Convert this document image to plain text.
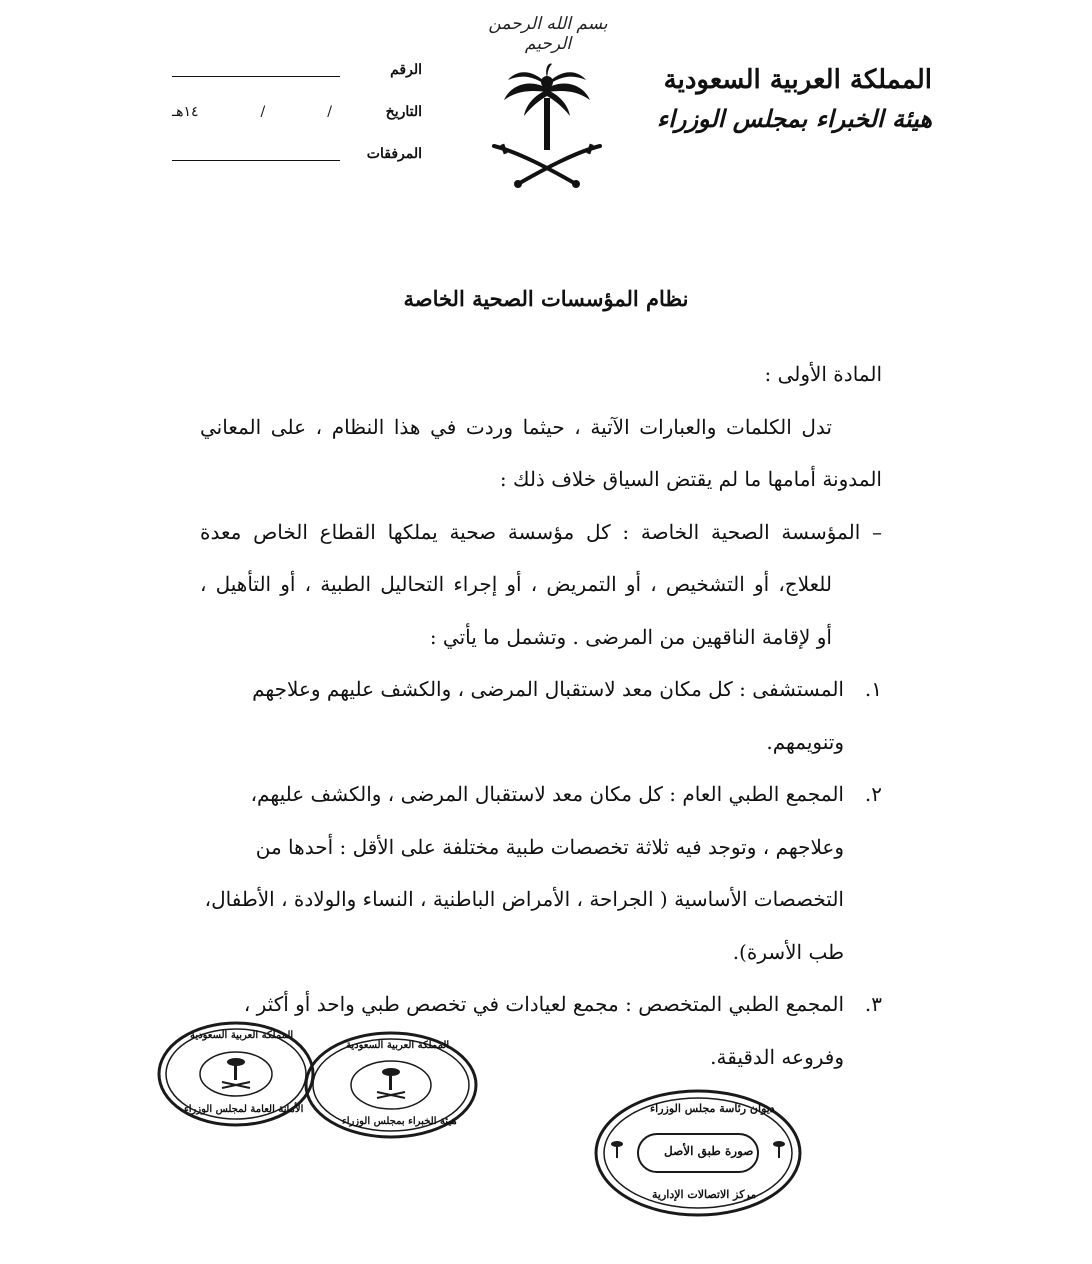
بسم الله الرحمن الرحيم
المملكة العربية السعودية
هيئة الخبراء بمجلس الوزراء
الرقم
التاريخ
/
/
١٤هـ
المرفقات
نظام المؤسسات الصحية الخاصة

المادة الأولى :

تدل الكلمات والعبارات الآتية ، حيثما وردت في هذا النظام ، على المعاني

المدونة أمامها ما لم يقتض السياق خلاف ذلك :

– المؤسسة الصحية الخاصة : كل مؤسسة صحية يملكها القطاع الخاص معدة

للعلاج، أو التشخيص ، أو التمريض ، أو إجراء التحاليل الطبية ، أو التأهيل ،

أو لإقامة الناقهين من المرضى . وتشمل ما يأتي :

١.
المستشفى : كل مكان معد لاستقبال المرضى ، والكشف عليهم وعلاجهم وتنويمهم.
٢.
المجمع الطبي العام : كل مكان معد لاستقبال المرضى ، والكشف عليهم، وعلاجهم ، وتوجد فيه ثلاثة تخصصات طبية مختلفة على الأقل : أحدها من التخصصات الأساسية ( الجراحة ، الأمراض الباطنية ، النساء والولادة ، الأطفال، طب الأسرة).
٣.
المجمع الطبي المتخصص : مجمع لعيادات في تخصص طبي واحد أو أكثر ، وفروعه الدقيقة.
المملكة العربية السعودية
الأمانة العامة لمجلس الوزراء
المملكة العربية السعودية
هيئة الخبراء بمجلس الوزراء
ديوان رئاسة مجلس الوزراء
صورة طبق الأصل
مركز الاتصالات الإدارية
